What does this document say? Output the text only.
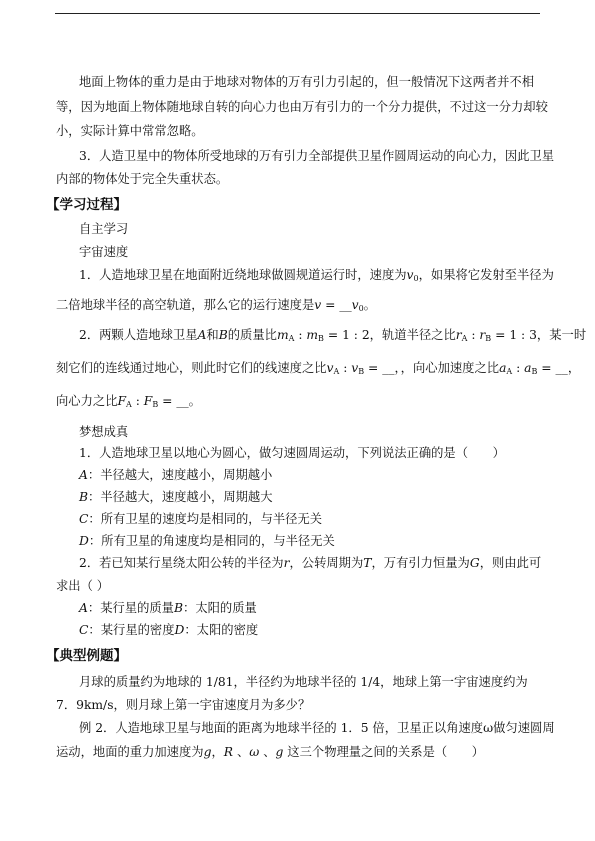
地面上物体的重力是由于地球对物体的万有引力引起的，但一般情况下这两者并不相
等，因为地面上物体随地球自转的向心力也由万有引力的一个分力提供，不过这一分力却较
小，实际计算中常常忽略。
3．人造卫星中的物体所受地球的万有引力全部提供卫星作圆周运动的向心力，因此卫星
内部的物体处于完全失重状态。
【学习过程】
自主学习
宇宙速度
1．人造地球卫星在地面附近绕地球做圆规道运行时，速度为$v_0$，如果将它发射至半径为
二倍地球半径的高空轨道，那么它的运行速度是$v = \_\_v_0$。
2．两颗人造地球卫星A和B的质量比$m_A$ : $m_B = 1$ : 2，轨道半径之比$r_A$ : $r_B = 1$ : 3，某一时
刻它们的连线通过地心，则此时它们的线速度之比$v_A$ : $v_B$ = __，，向心加速度之比$a_A$ : $a_B$ = __，
向心力之比$F_A$ : $F_B$ = __。
梦想成真
1．人造地球卫星以地心为圆心，做匀速圆周运动，下列说法正确的是（　　）
A：半径越大，速度越小，周期越小
B：半径越大，速度越小，周期越大
C：所有卫星的速度均是相同的，与半径无关
D：所有卫星的角速度均是相同的，与半径无关
2．若已知某行星绕太阳公转的半径为r，公转周期为T，万有引力恒量为G，则由此可
求出（ ）
A：某行星的质量B：太阳的质量
C：某行星的密度D：太阳的密度
【典型例题】
月球的质量约为地球的 1/81，半径约为地球半径的 1/4，地球上第一宇宙速度约为
7．9km/s，则月球上第一宇宙速度月为多少？
例 2．人造地球卫星与地面的距离为地球半径的 1．5 倍，卫星正以角速度ω做匀速圆周
运动，地面的重力加速度为g，R 、ω 、g 这三个物理量之间的关系是（　　）
